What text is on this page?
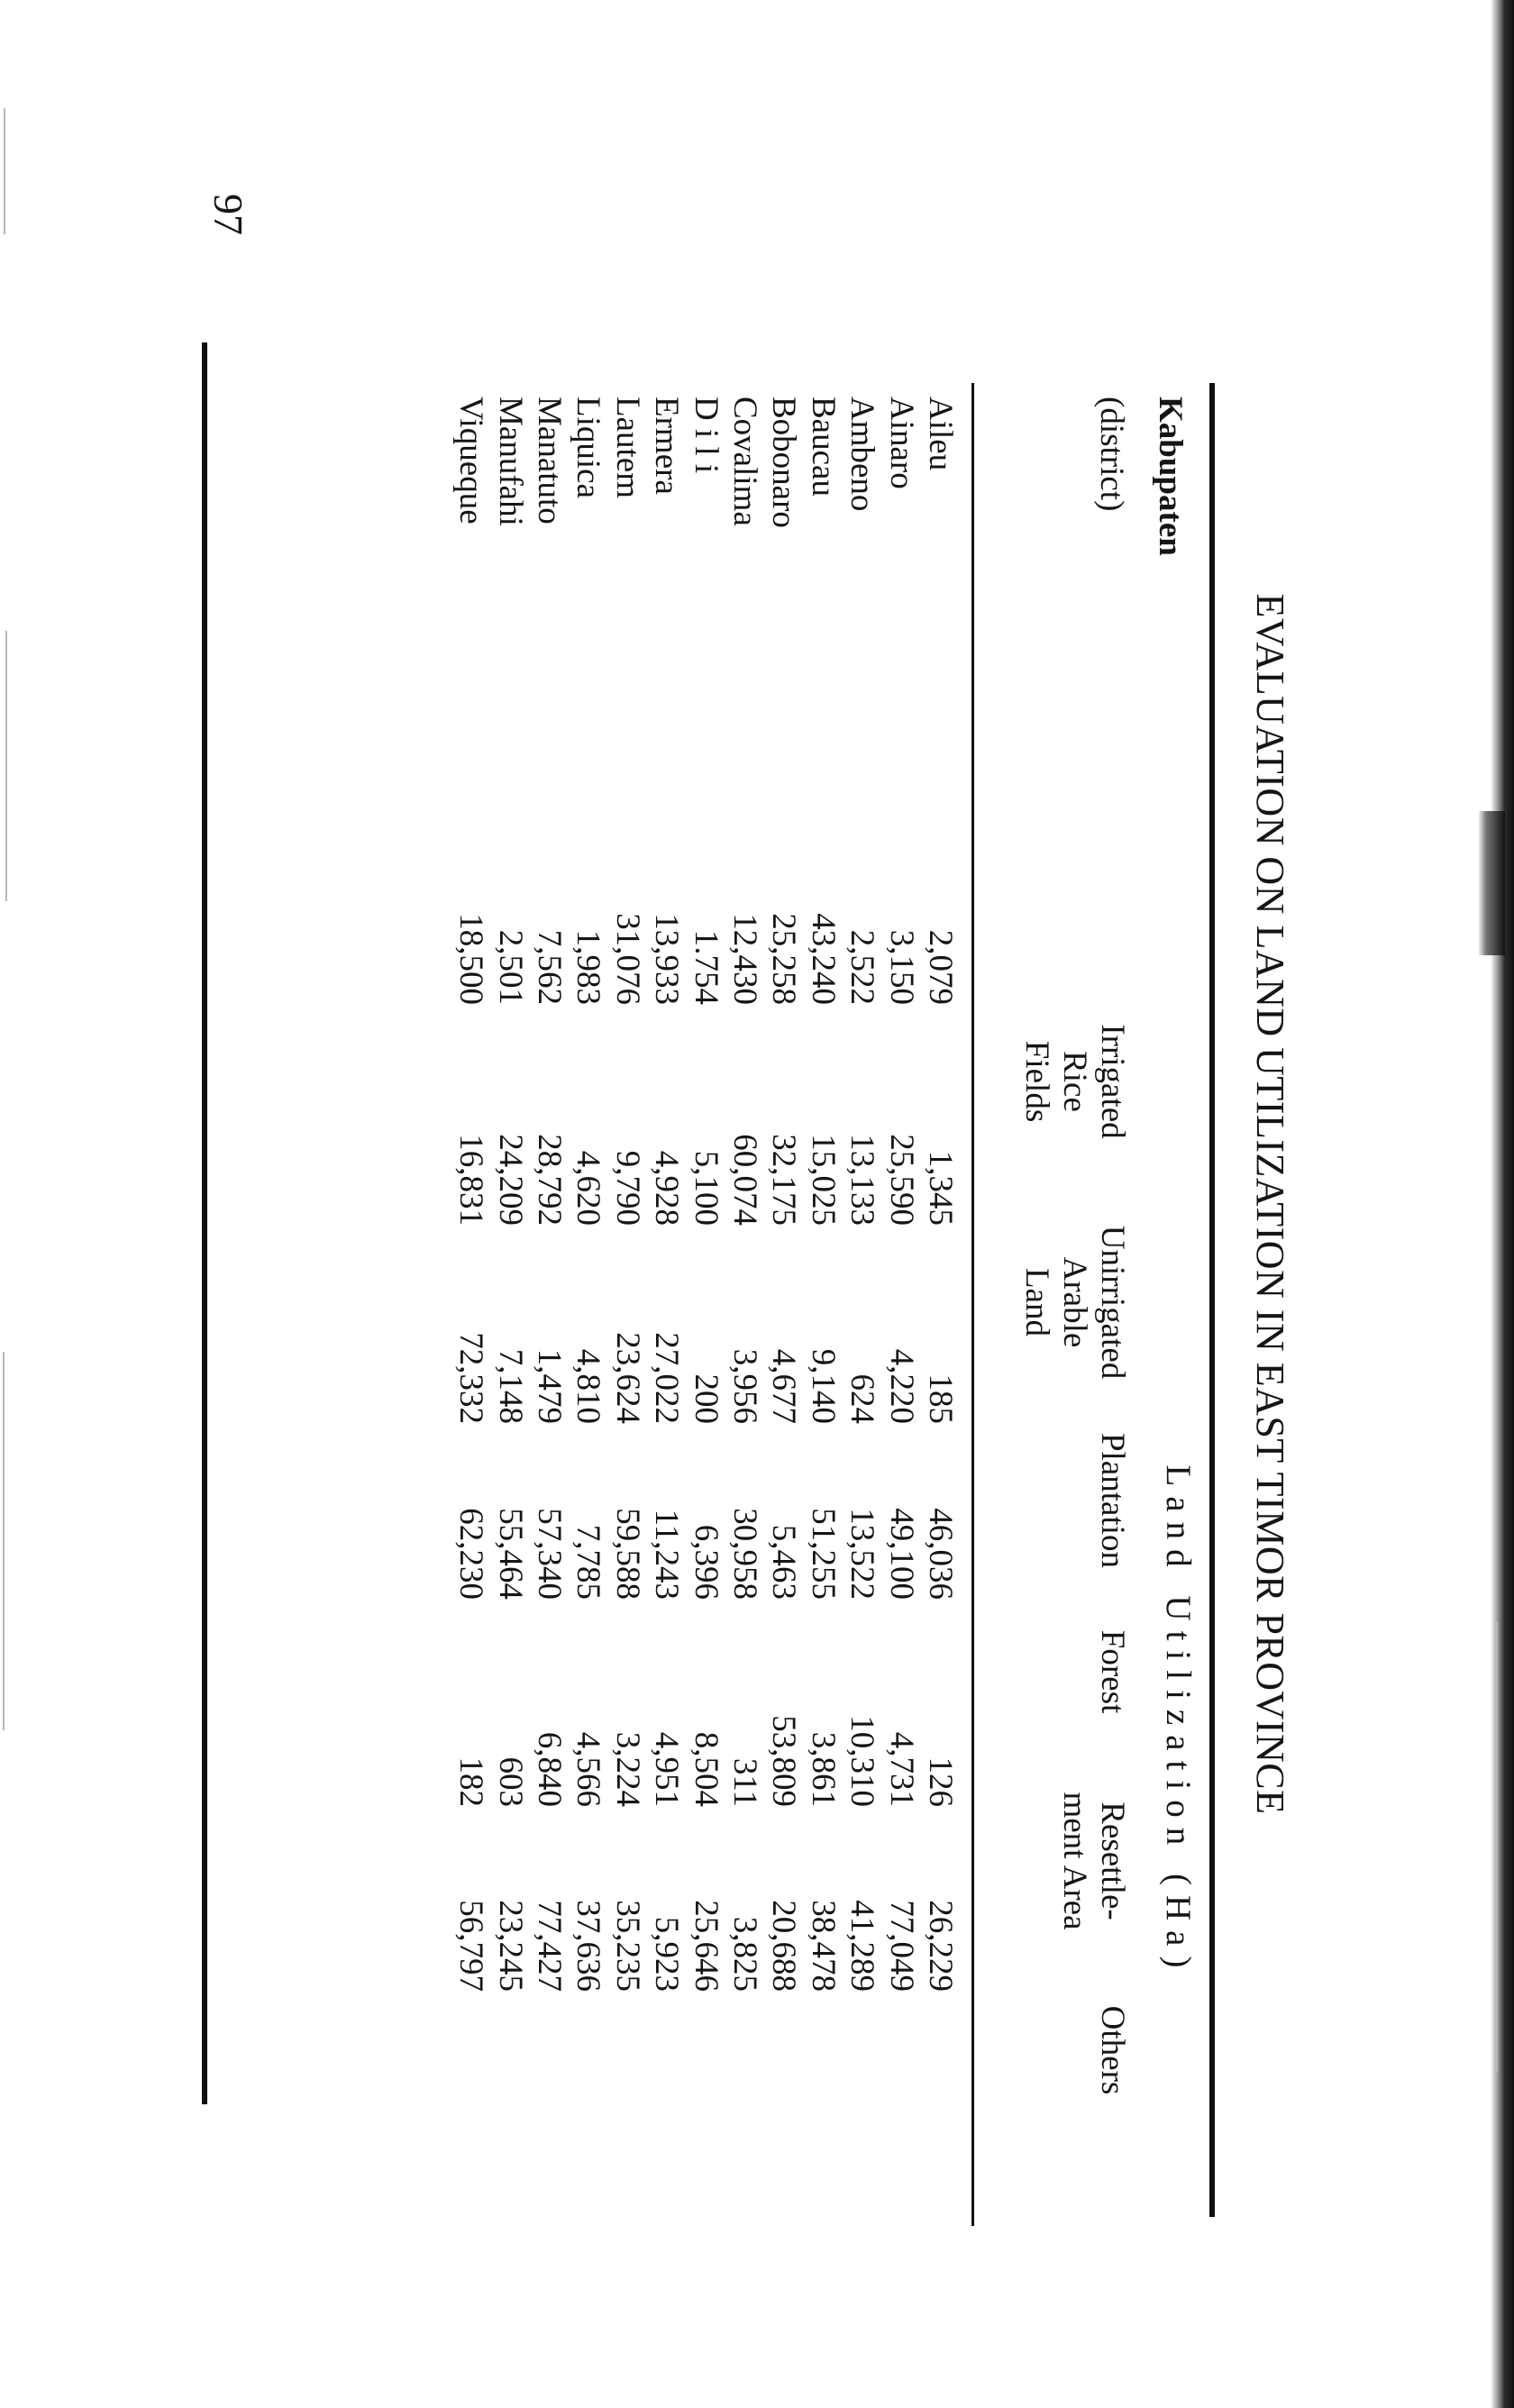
EVALUATION ON LAND UTILIZATION IN EAST TIMOR PROVINCE
Kabupaten
(district)
Land Utilization (Ha)
Irrigated
Rice Fields
Unirrigated
Arable
Land
Plantation
Forest
Resettle-
ment Area
Others
Aileu
2,079
1,345
185
46,036
126
26,229
Ainaro
3,150
25,590
4,220
49,100
4,731
77,049
Ambeno
2,522
13,133
624
13,522
10,310
41,289
Baucau
43,240
15,025
9,140
51,255
3,861
38,478
Bobonaro
25,258
32,175
4,677
5,463
53,809
20,688
Covalima
12,430
60,074
3,956
30,958
311
3,825
D i l i
1.754
5,100
200
6,396
8,504
25,646
Ermera
13,933
4,928
27,022
11,243
4,951
5,923
Lautem
31,076
9,790
23,624
59,588
3,224
35,235
Liquica
1,983
4,620
4,810
7,785
4,566
37,636
Manatuto
7,562
28,792
1,479
57,340
6,840
77,427
Manufahi
2,501
24,209
7,148
55,464
603
23,245
Viqueque
18,500
16,831
72,332
62,230
182
56,797
97
